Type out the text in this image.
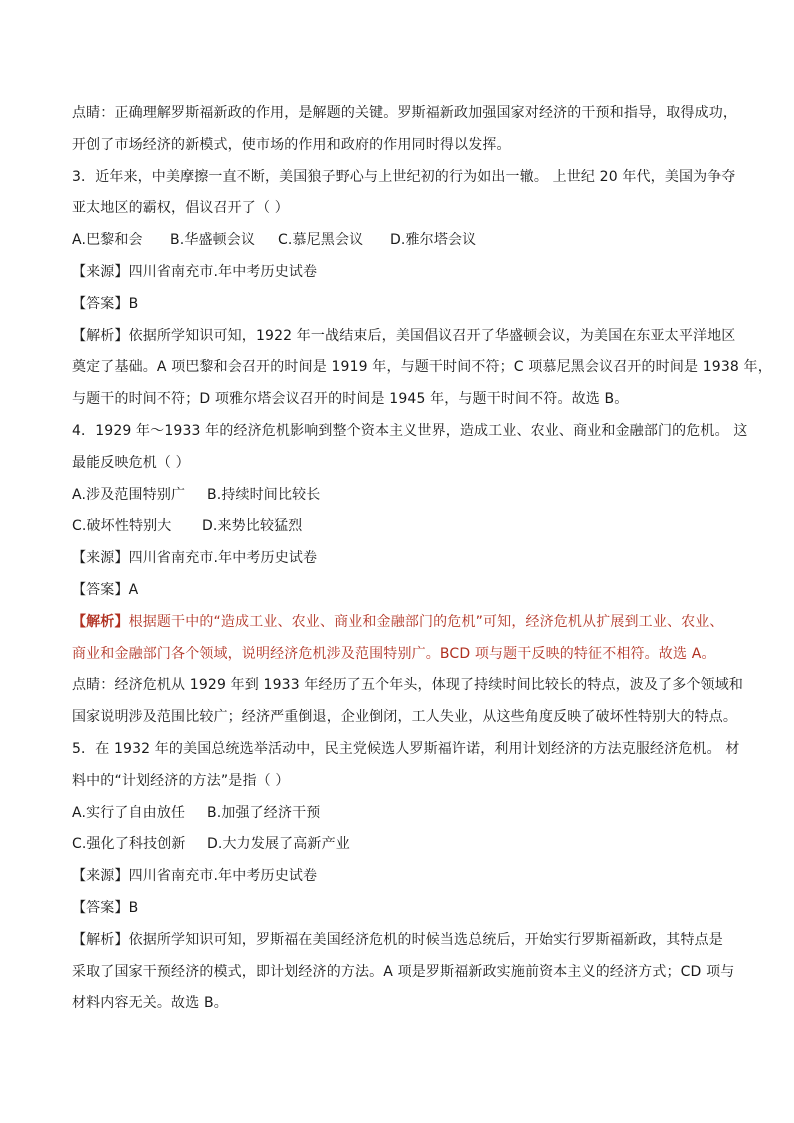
点睛：正确理解罗斯福新政的作用，是解题的关键。罗斯福新政加强国家对经济的干预和指导，取得成功，
开创了市场经济的新模式，使市场的作用和政府的作用同时得以发挥。
3．近年来，中美摩擦一直不断，美国狼子野心与上世纪初的行为如出一辙。 上世纪 20 年代，美国为争夺
亚太地区的霸权，倡议召开了（ ）
A.巴黎和会 B.华盛顿会议 C.慕尼黑会议 D.雅尔塔会议
【来源】四川省南充市.年中考历史试卷
【答案】B
【解析】依据所学知识可知，1922 年一战结束后，美国倡议召开了华盛顿会议，为美国在东亚太平洋地区
奠定了基础。A 项巴黎和会召开的时间是 1919 年，与题干时间不符；C 项慕尼黑会议召开的时间是 1938 年，
与题干的时间不符；D 项雅尔塔会议召开的时间是 1945 年，与题干时间不符。故选 B。
4．1929 年～1933 年的经济危机影响到整个资本主义世界，造成工业、农业、商业和金融部门的危机。 这
最能反映危机（ ）
A.涉及范围特别广 B.持续时间比较长
C.破坏性特别大 D.来势比较猛烈
【来源】四川省南充市.年中考历史试卷
【答案】A
【解析】根据题干中的“造成工业、农业、商业和金融部门的危机”可知，经济危机从扩展到工业、农业、
商业和金融部门各个领域，说明经济危机涉及范围特别广。BCD 项与题干反映的特征不相符。故选 A。
点睛：经济危机从 1929 年到 1933 年经历了五个年头，体现了持续时间比较长的特点，波及了多个领域和
国家说明涉及范围比较广；经济严重倒退，企业倒闭，工人失业，从这些角度反映了破坏性特别大的特点。
5．在 1932 年的美国总统选举活动中，民主党候选人罗斯福许诺，利用计划经济的方法克服经济危机。 材
料中的“计划经济的方法”是指（ ）
A.实行了自由放任 B.加强了经济干预
C.强化了科技创新 D.大力发展了高新产业
【来源】四川省南充市.年中考历史试卷
【答案】B
【解析】依据所学知识可知，罗斯福在美国经济危机的时候当选总统后，开始实行罗斯福新政，其特点是
采取了国家干预经济的模式，即计划经济的方法。A 项是罗斯福新政实施前资本主义的经济方式；CD 项与
材料内容无关。故选 B。
